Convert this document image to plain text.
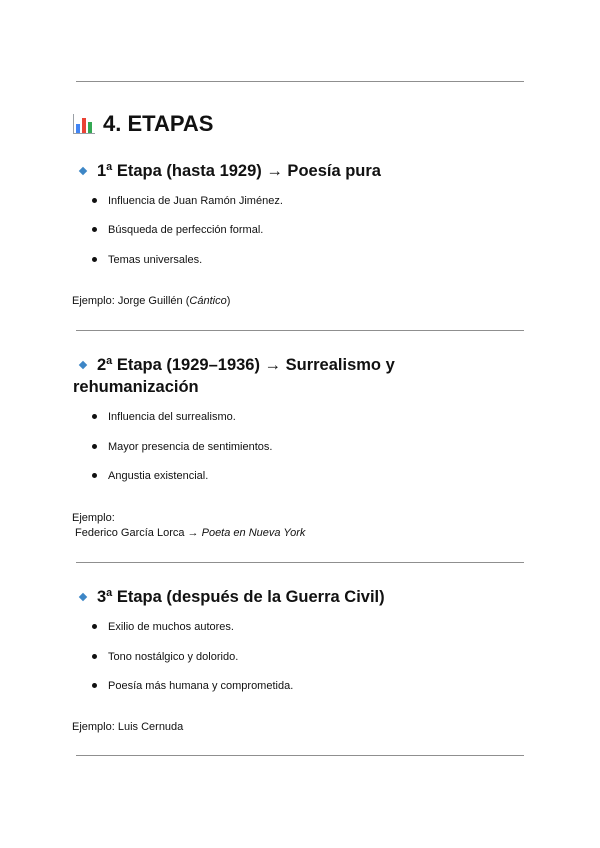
4. ETAPAS
1ª Etapa (hasta 1929) → Poesía pura
Influencia de Juan Ramón Jiménez.
Búsqueda de perfección formal.
Temas universales.

Ejemplo: Jorge Guillén (Cántico)

2ª Etapa (1929–1936) → Surrealismo y
rehumanización
Influencia del surrealismo.
Mayor presencia de sentimientos.
Angustia existencial.

Ejemplo:

Federico García Lorca → Poeta en Nueva York

3ª Etapa (después de la Guerra Civil)
Exilio de muchos autores.
Tono nostálgico y dolorido.
Poesía más humana y comprometida.

Ejemplo: Luis Cernuda
